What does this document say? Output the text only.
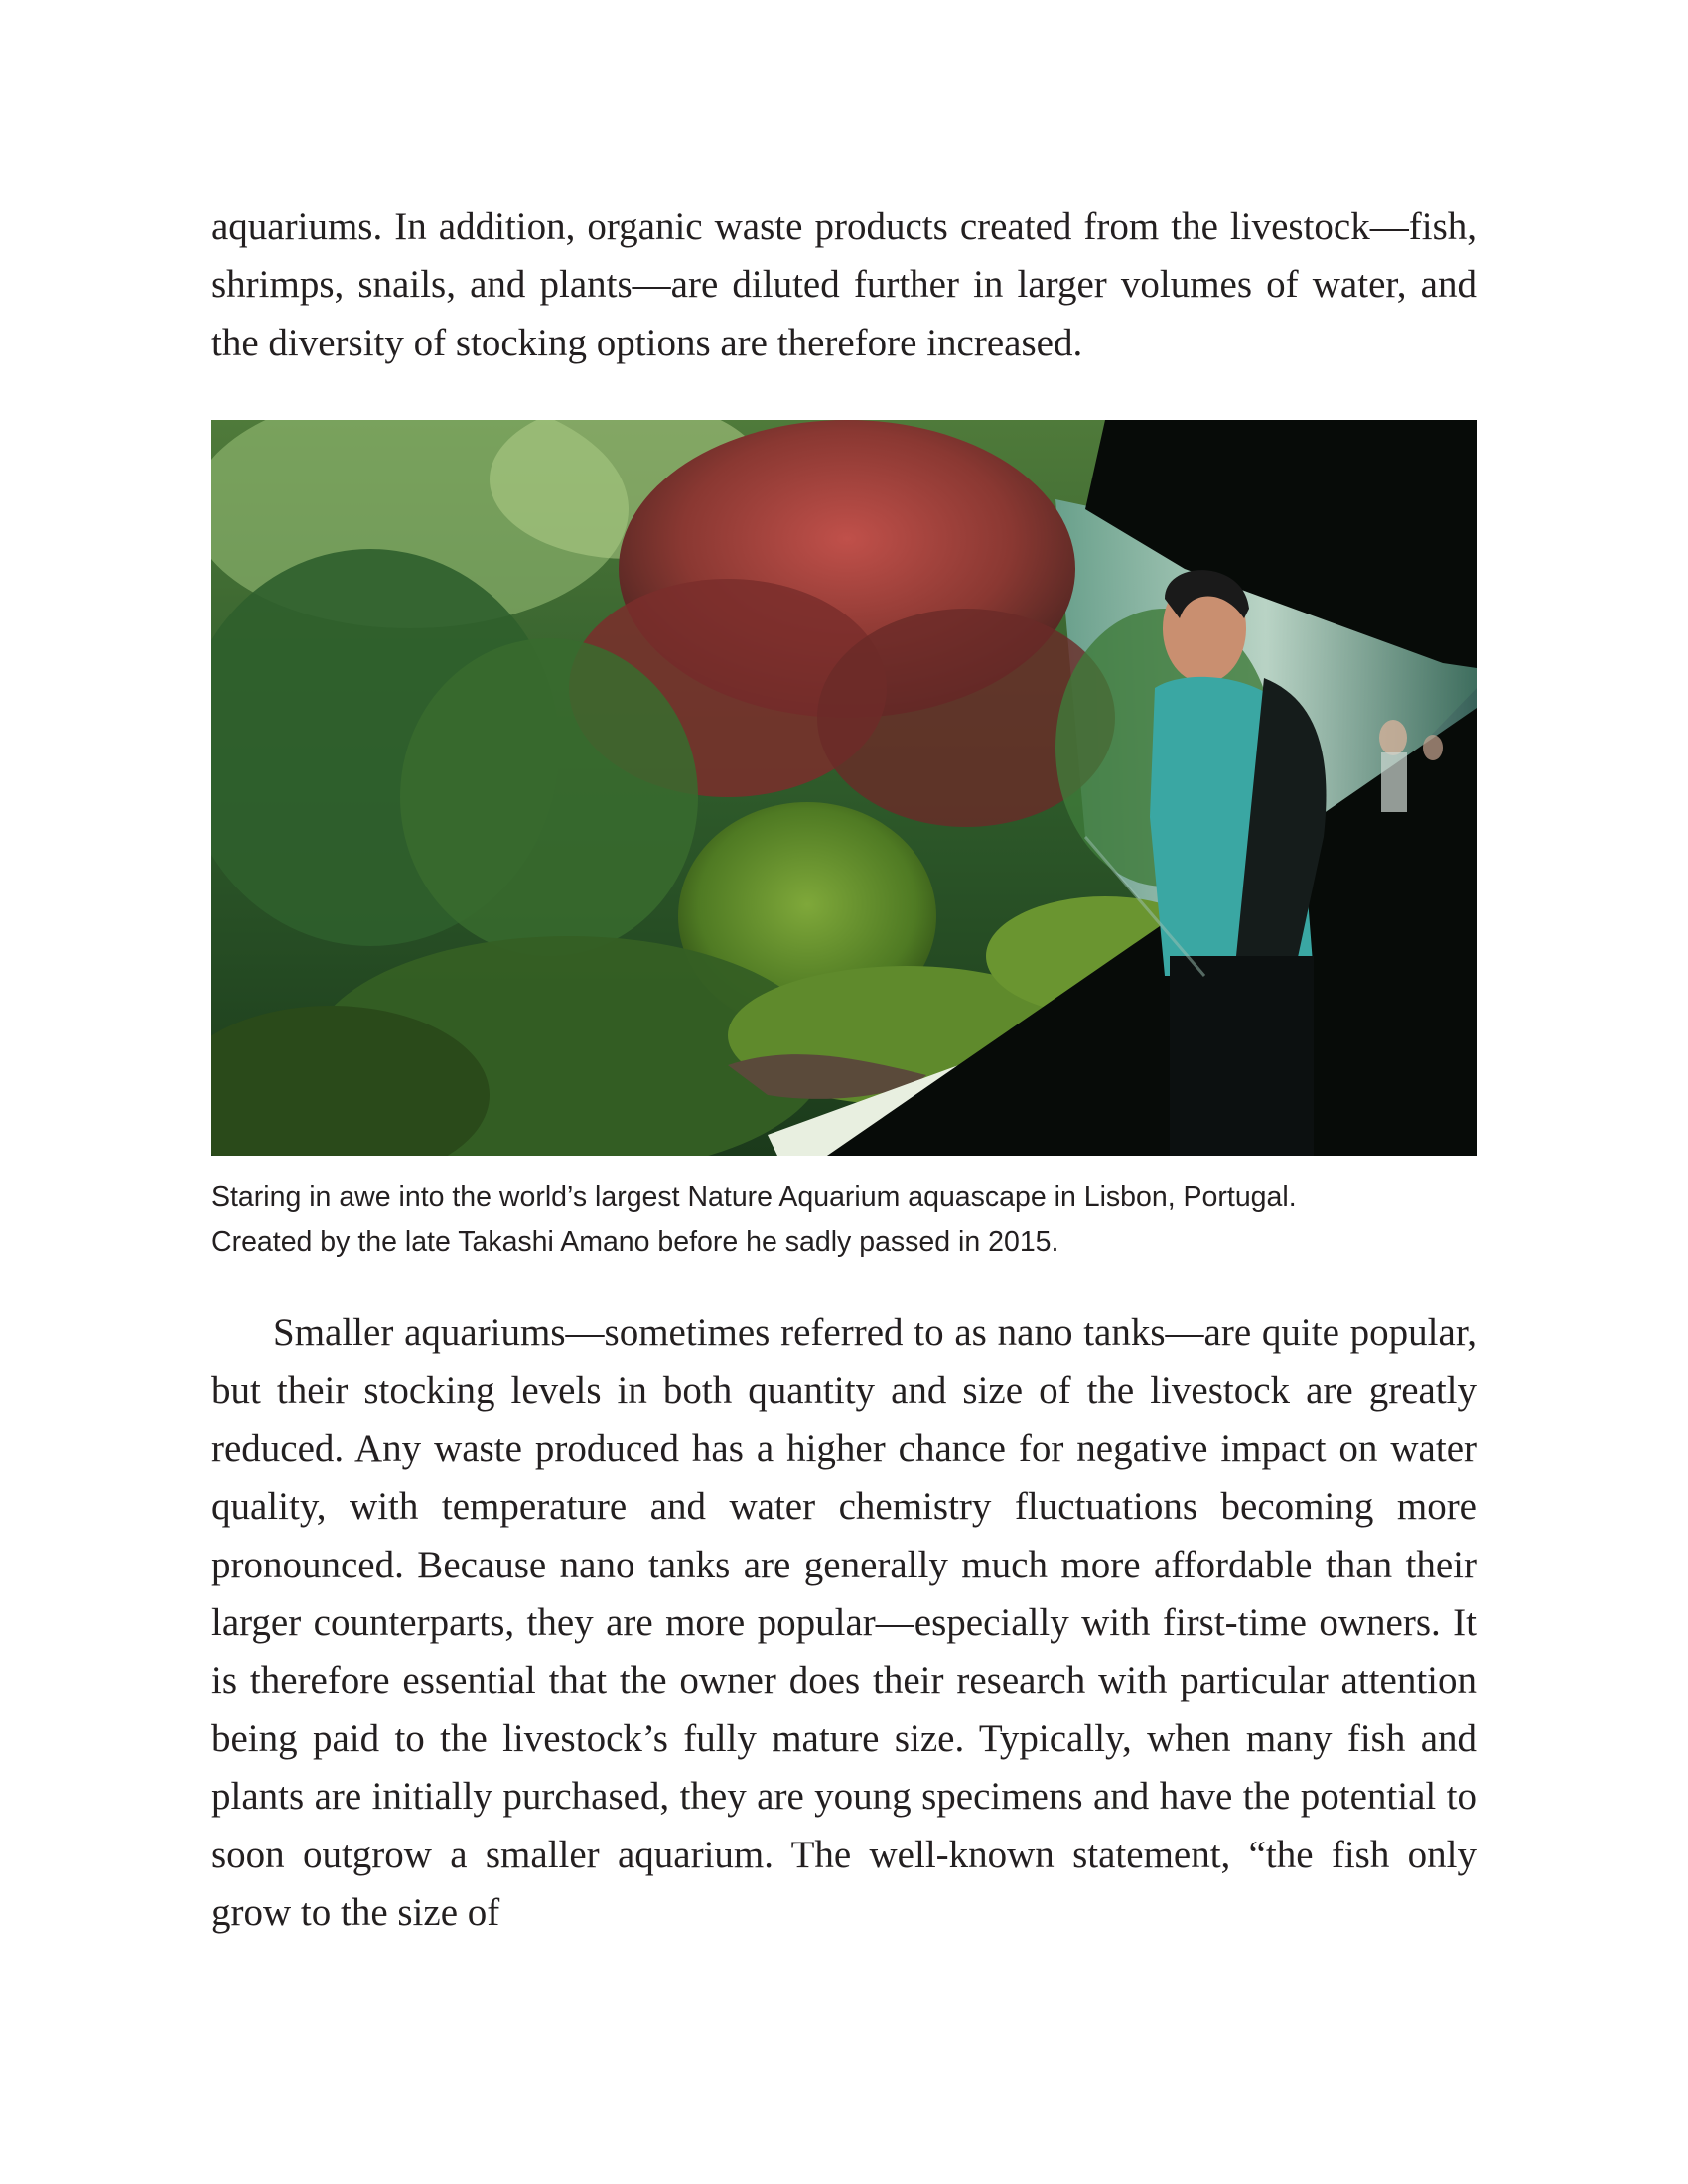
aquariums. In addition, organic waste products created from the livestock—fish, shrimps, snails, and plants—are diluted further in larger volumes of water, and the diversity of stocking options are therefore increased.

Staring in awe into the world’s largest Nature Aquarium aquascape in Lisbon, Portugal.
Created by the late Takashi Amano before he sadly passed in 2015.

Smaller aquariums—sometimes referred to as nano tanks—are quite popular, but their stocking levels in both quantity and size of the livestock are greatly reduced. Any waste produced has a higher chance for negative impact on water quality, with temperature and water chemistry fluctuations becoming more pronounced. Because nano tanks are generally much more affordable than their larger counterparts, they are more popular—especially with first-time owners. It is therefore essential that the owner does their research with particular attention being paid to the livestock’s fully mature size. Typically, when many fish and plants are initially purchased, they are young specimens and have the potential to soon outgrow a smaller aquarium. The well-known statement, “the fish only grow to the size of
